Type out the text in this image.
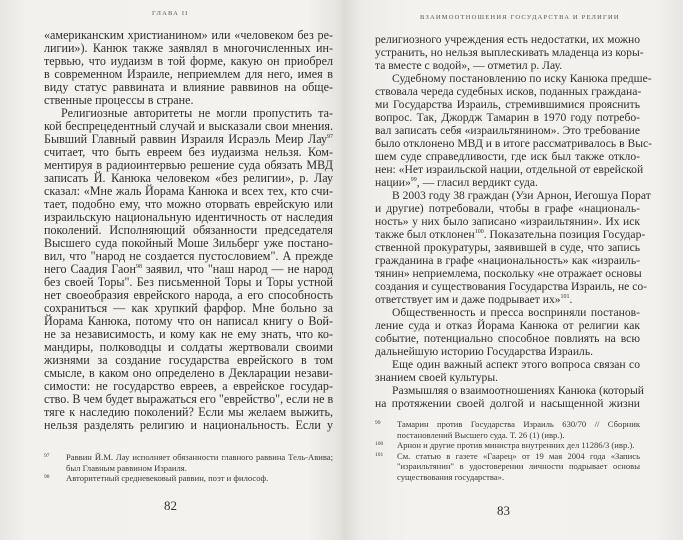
ГЛАВА II
«американским христианином» или «человеком без ре-
лигии»). Канюк также заявлял в многочисленных ин-
тервью, что иудаизм в той форме, какую он приобрел
в современном Израиле, неприемлем для него, имея в
виду статус раввината и влияние раввинов на обще-
ственные процессы в стране.
Религиозные авторитеты не могли пропустить та-
кой беспрецедентный случай и высказали свои мнения.
Бывший Главный раввин Израиля Исраэль Меир Лау$^{97}$
считает, что быть евреем без иудаизма нельзя. Ком-
ментируя в радиоинтервью решение суда обязать МВД
записать Й. Канюка человеком «без религии», р. Лау
сказал: «Мне жаль Йорама Канюка и всех тех, кто счи-
тает, подобно ему, что можно оторвать еврейскую или
израильскую национальную идентичность от наследия
поколений. Исполняющий обязанности председателя
Высшего суда покойный Моше Зильберг уже постано-
вил, что "народ не создается пустословием". А прежде
него Саадия Гаон$^{98}$ заявил, что "наш народ — не народ
без своей Торы". Без письменной Торы и Торы устной
нет своеобразия еврейского народа, а его способность
сохраниться — как хрупкий фарфор. Мне больно за
Йорама Канюка, потому что он написал книгу о Вой-
не за независимость, и кому как не ему знать, что ко-
мандиры, полководцы и солдаты жертвовали своими
жизнями за создание государства еврейского в том
смысле, в каком оно определено в Декларации незави-
симости: не государство евреев, а еврейское государ-
ство. В чем будет выражаться его "еврейство", если не в
тяге к наследию поколений? Если мы желаем выжить,
нельзя разделять религию и национальность. Если у
97	Раввин Й.М. Лау исполняет обязанности главного раввина Тель-Авива; был Главным раввином Израиля.
98	Авторитетный средневековый раввин, поэт и философ.
82
ВЗАИМООТНОШЕНИЯ ГОСУДАРСТВА И РЕЛИГИИ
религиозного учреждения есть недостатки, их можно
устранить, но нельзя выплескивать младенца из коры-
та вместе с водой», — отметил р. Лау.
Судебному постановлению по иску Канюка предше-
ствовала череда судебных исков, поданных граждана-
ми Государства Израиль, стремившимися прояснить
вопрос. Так, Джордж Тамарин в 1970 году потребо-
вал записать себя «израильтянином». Это требование
было отклонено МВД и в итоге рассматривалось в Выс-
шем суде справедливости, где иск был также откло-
нен: «Нет израильской нации, отдельной от еврейской
нации»$^{99}$, — гласил вердикт суда.
В 2003 году 38 граждан (Узи Арнон, Иегошуа Порат
и другие) потребовали, чтобы в графе «националь-
ность» у них было записано «израильтянин». Их иск
также был отклонен$^{100}$. Показательна позиция Государ-
ственной прокуратуры, заявившей в суде, что запись
гражданина в графе «национальность» как «израиль-
тянин» неприемлема, поскольку «не отражает основы
создания и существования Государства Израиль, не со-
ответствует им и даже подрывает их»$^{101}$.
Общественность и пресса восприняли постанов-
ление суда и отказ Йорама Канюка от религии как
событие, потенциально способное повлиять на всю
дальнейшую историю Государства Израиль.
Еще один важный аспект этого вопроса связан со
знанием своей культуры.
Размышляя о взаимоотношениях Канюка (который
на протяжении своей долгой и насыщенной жизни
99	Тамарин против Государства Израиль 630/70 // Сборник постановлений Высшего суда. Т. 26 (1) (ивр.).
100	Арнон и другие против министра внутренних дел 11286/3 (ивр.).
101	См. статью в газете «Гаарец» от 19 мая 2004 года «Запись "израильтянин" в удостоверении личности подрывает основы существования государства».
83
